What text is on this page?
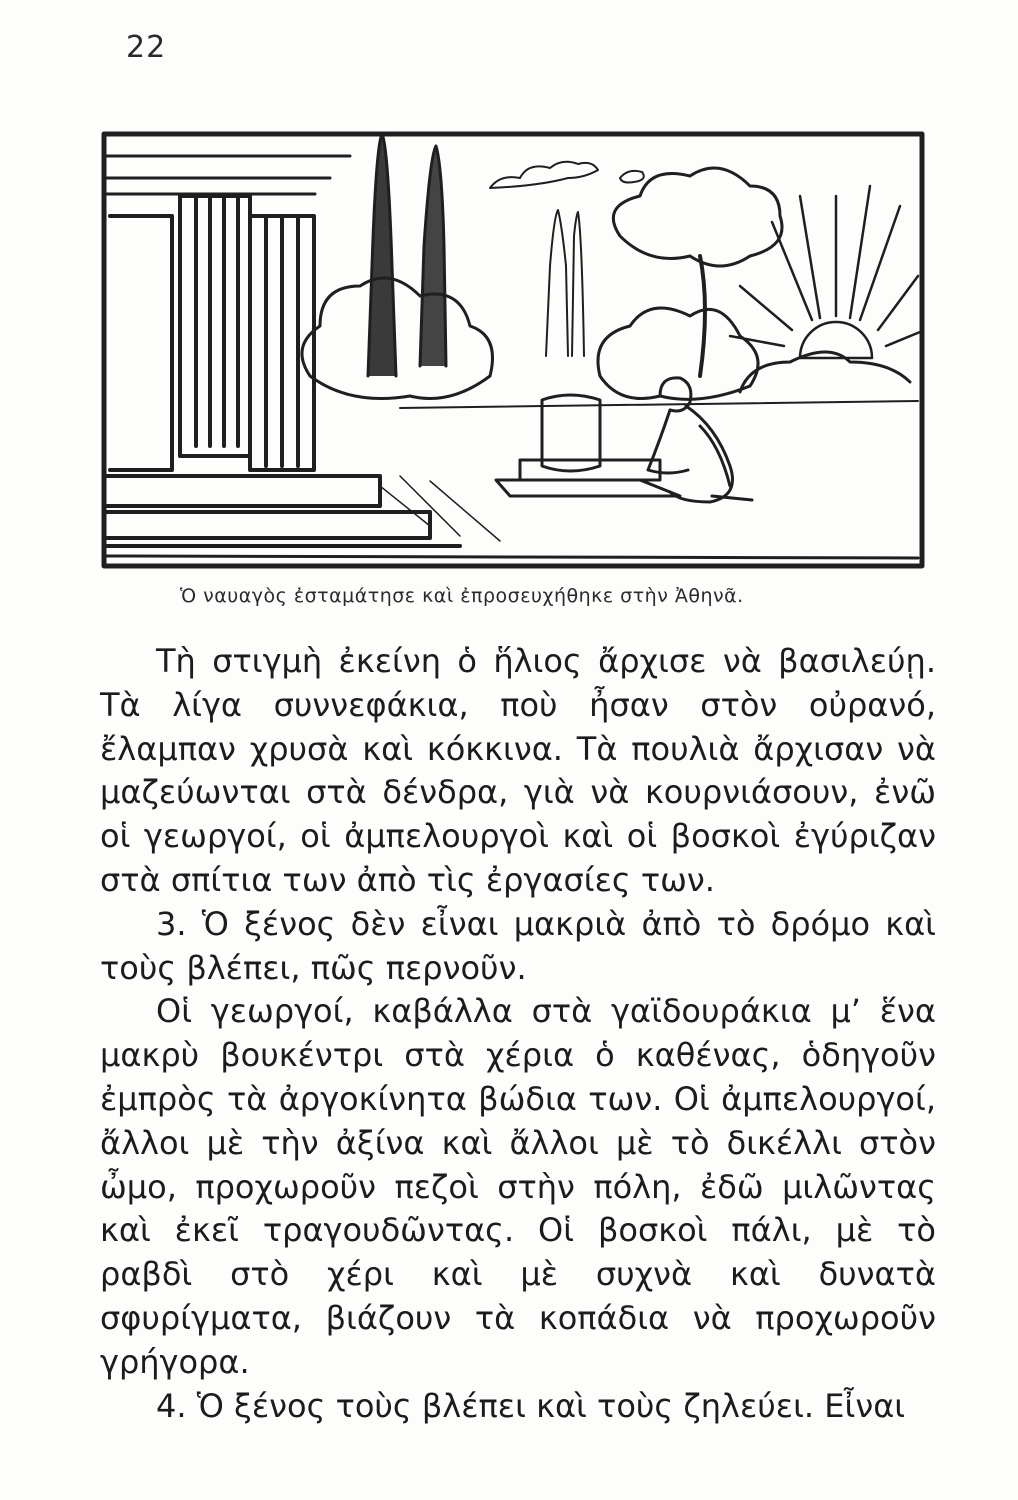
22
Ὁ ναυαγὸς ἐσταμάτησε καὶ ἐπροσευχήθηκε στὴν Ἀθηνᾶ.

Τὴ στιγμὴ ἐκείνη ὁ ἥλιος ἄρχισε νὰ βασιλεύῃ. Τὰ λίγα συννεφάκια, ποὺ ἦσαν στὸν οὐρανό, ἔλαμπαν χρυσὰ καὶ κόκκινα. Τὰ πουλιὰ ἄρχισαν νὰ μαζεύωνται στὰ δένδρα, γιὰ νὰ κουρνιάσουν, ἐνῶ οἱ γεωργοί, οἱ ἀμπελουργοὶ καὶ οἱ βοσκοὶ ἐγύριζαν στὰ σπίτια των ἀπὸ τὶς ἐργασίες των.

3. Ὁ ξένος δὲν εἶναι μακριὰ ἀπὸ τὸ δρόμο καὶ τοὺς βλέπει, πῶς περνοῦν.

Οἱ γεωργοί, καβάλλα στὰ γαϊδουράκια μ’ ἕνα μακρὺ βουκέντρι στὰ χέρια ὁ καθένας, ὁδηγοῦν ἐμπρὸς τὰ ἀργοκίνητα βώδια των. Οἱ ἀμπελουργοί, ἄλλοι μὲ τὴν ἀξίνα καὶ ἄλλοι μὲ τὸ δικέλλι στὸν ὦμο, προχωροῦν πεζοὶ στὴν πόλη, ἐδῶ μιλῶντας καὶ ἐκεῖ τραγουδῶντας. Οἱ βοσκοὶ πάλι, μὲ τὸ ραβδὶ στὸ χέρι καὶ μὲ συχνὰ καὶ δυνατὰ σφυρίγματα, βιάζουν τὰ κοπάδια νὰ προχωροῦν γρήγορα.

4. Ὁ ξένος τοὺς βλέπει καὶ τοὺς ζηλεύει. Εἶναι
